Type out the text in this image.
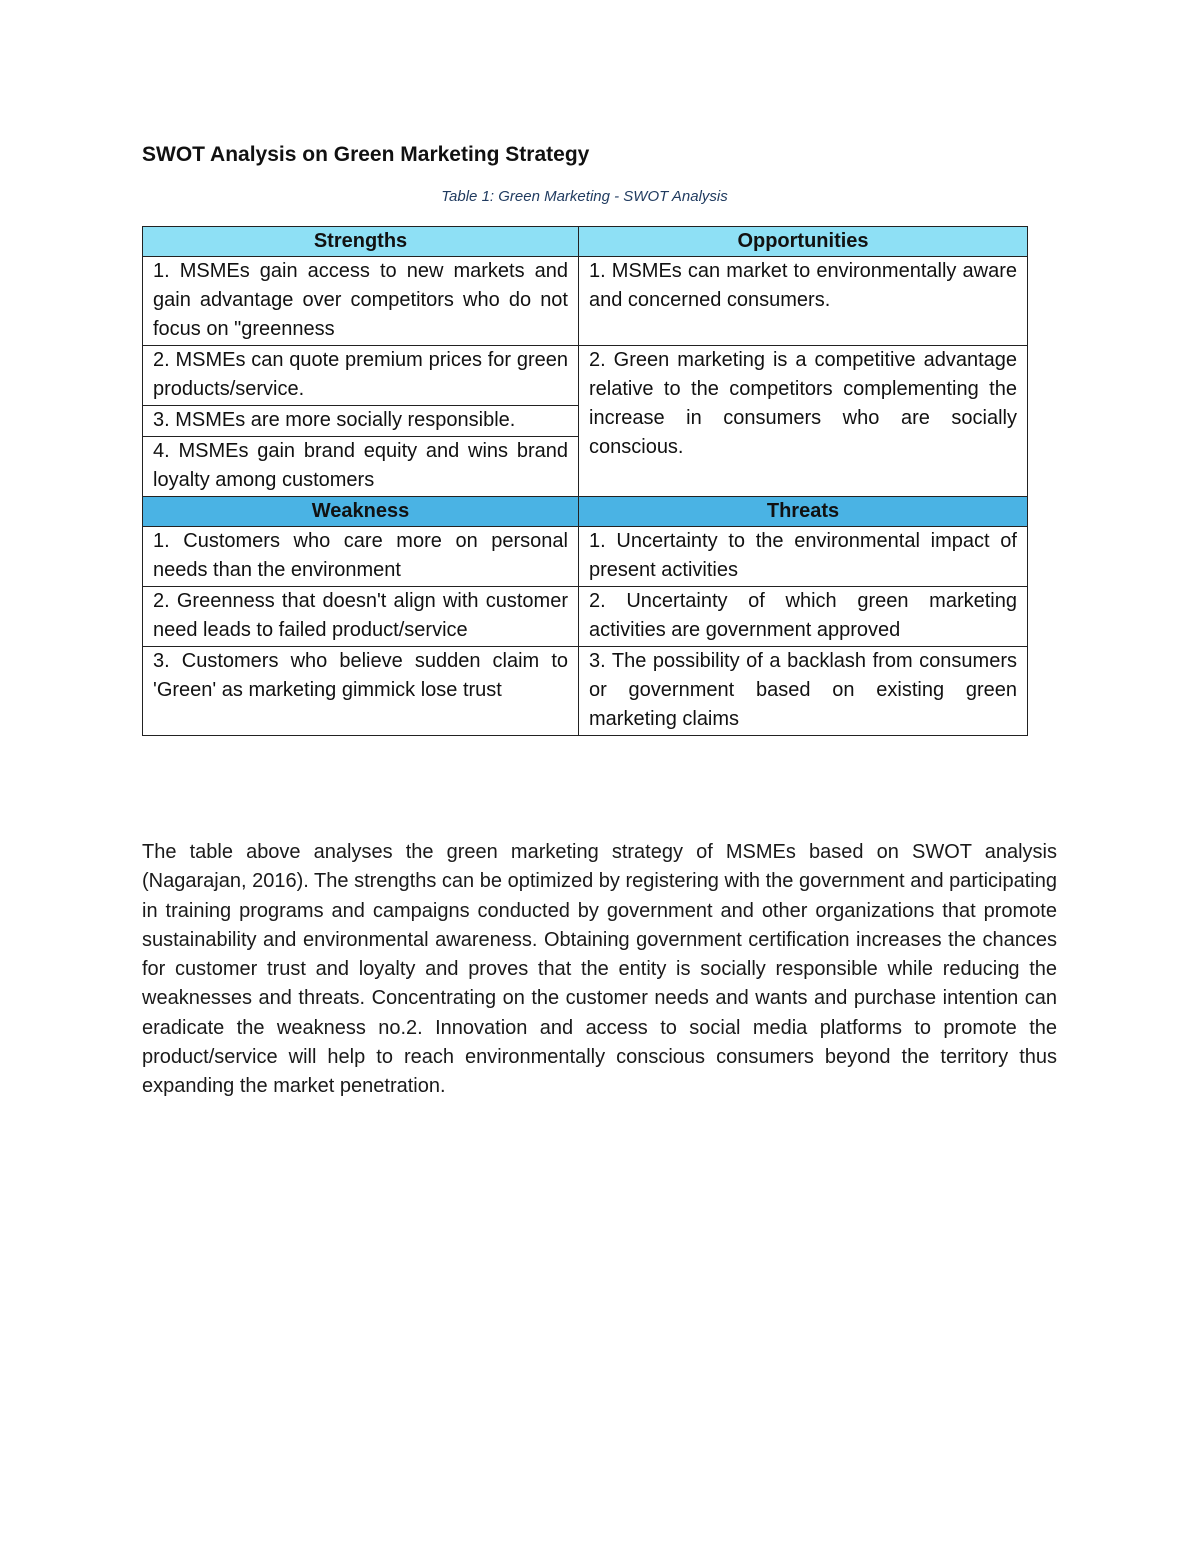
SWOT Analysis on Green Marketing Strategy

Table 1: Green Marketing - SWOT Analysis

Strengths	Opportunities
1. MSMEs gain access to new markets and gain advantage over competitors who do not focus on "greenness	1. MSMEs can market to environmentally aware and concerned consumers.
2. MSMEs can quote premium prices for green products/service.	2. Green marketing is a competitive advantage relative to the competitors complementing the increase in consumers who are socially conscious.
3. MSMEs are more socially responsible.	
4. MSMEs gain brand equity and wins brand loyalty among customers	
Weakness	Threats
1. Customers who care more on personal needs than the environment	1. Uncertainty to the environmental impact of present activities
2. Greenness that doesn't align with customer need leads to failed product/service	2. Uncertainty of which green marketing activities are government approved
3. Customers who believe sudden claim to 'Green' as marketing gimmick lose trust	3. The possibility of a backlash from consumers or government based on existing green marketing claims

The table above analyses the green marketing strategy of MSMEs based on SWOT analysis (Nagarajan, 2016). The strengths can be optimized by registering with the government and participating in training programs and campaigns conducted by government and other organizations that promote sustainability and environmental awareness. Obtaining government certification increases the chances for customer trust and loyalty and proves that the entity is socially responsible while reducing the weaknesses and threats. Concentrating on the customer needs and wants and purchase intention can eradicate the weakness no.2. Innovation and access to social media platforms to promote the product/service will help to reach environmentally conscious consumers beyond the territory thus expanding the market penetration.
